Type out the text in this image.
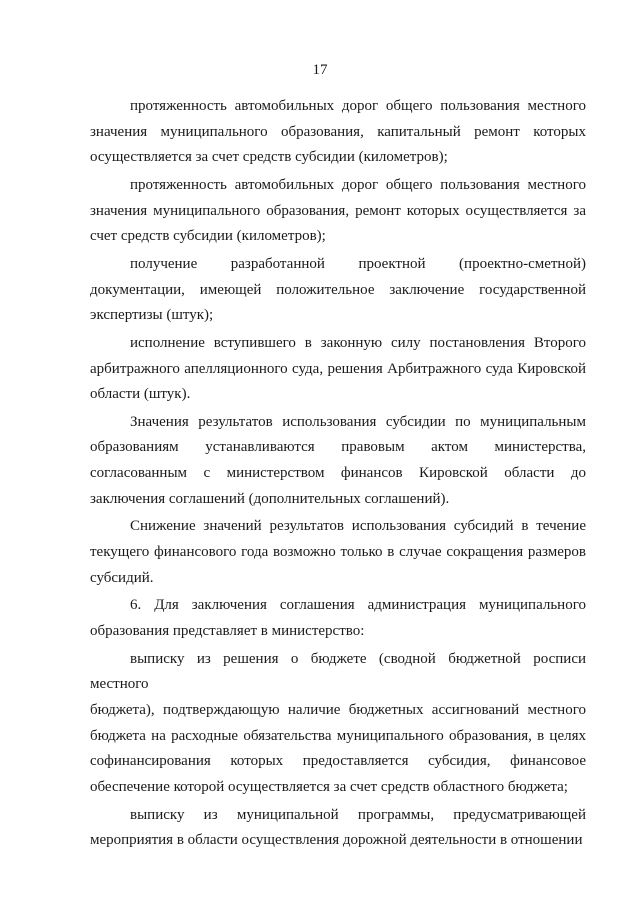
17
протяженность автомобильных дорог общего пользования местного
значения муниципального образования, капитальный ремонт которых
осуществляется за счет средств субсидии (километров);
протяженность автомобильных дорог общего пользования местного
значения муниципального образования, ремонт которых осуществляется за
счет средств субсидии (километров);
получение разработанной проектной (проектно-сметной)
документации, имеющей положительное заключение государственной
экспертизы (штук);
исполнение вступившего в законную силу постановления Второго
арбитражного апелляционного суда, решения Арбитражного суда Кировской
области (штук).
Значения результатов использования субсидии по муниципальным
образованиям устанавливаются правовым актом министерства,
согласованным с министерством финансов Кировской области до
заключения соглашений (дополнительных соглашений).
Снижение значений результатов использования субсидий в течение
текущего финансового года возможно только в случае сокращения размеров
субсидий.
6. Для заключения соглашения администрация муниципального
образования представляет в министерство:
выписку из решения о бюджете (сводной бюджетной росписи местного
бюджета), подтверждающую наличие бюджетных ассигнований местного
бюджета на расходные обязательства муниципального образования, в целях
софинансирования которых предоставляется субсидия, финансовое
обеспечение которой осуществляется за счет средств областного бюджета;
выписку из муниципальной программы, предусматривающей
мероприятия в области осуществления дорожной деятельности в отношении
